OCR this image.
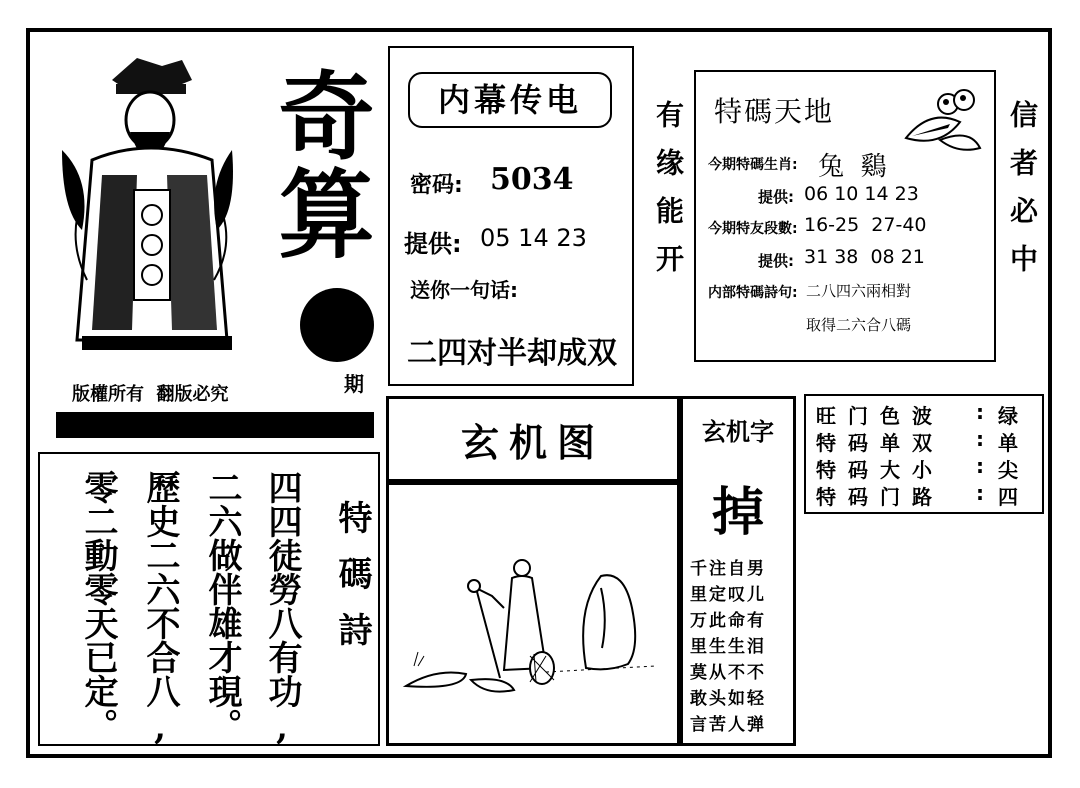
奇算
期
版權所有  翻版必究
内幕传电
密码: 5034
提供: 05 14 23
送你一句话:
二四对半却成双
有缘能开	信者必中
特碼天地
今期特碼生肖: 兔  鷄
提供: 06 10 14 23
今期特友段數: 16-25  27-40
提供: 31 38  08 21
内部特碼詩句: 二八四六兩相對
取得二六合八碼
玄机图	玄机字
掉
千注自男
里定叹儿
万此命有
里生生泪
莫从不不
敢头如轻
言苦人弹
旺门色波	: 绿
特码单双	: 单
特码大小	: 尖
特码门路	: 四
特碼詩
四四徒勞八有功,
二六做伴雄才現。
歷史二六不合八,
零二動零天已定。
